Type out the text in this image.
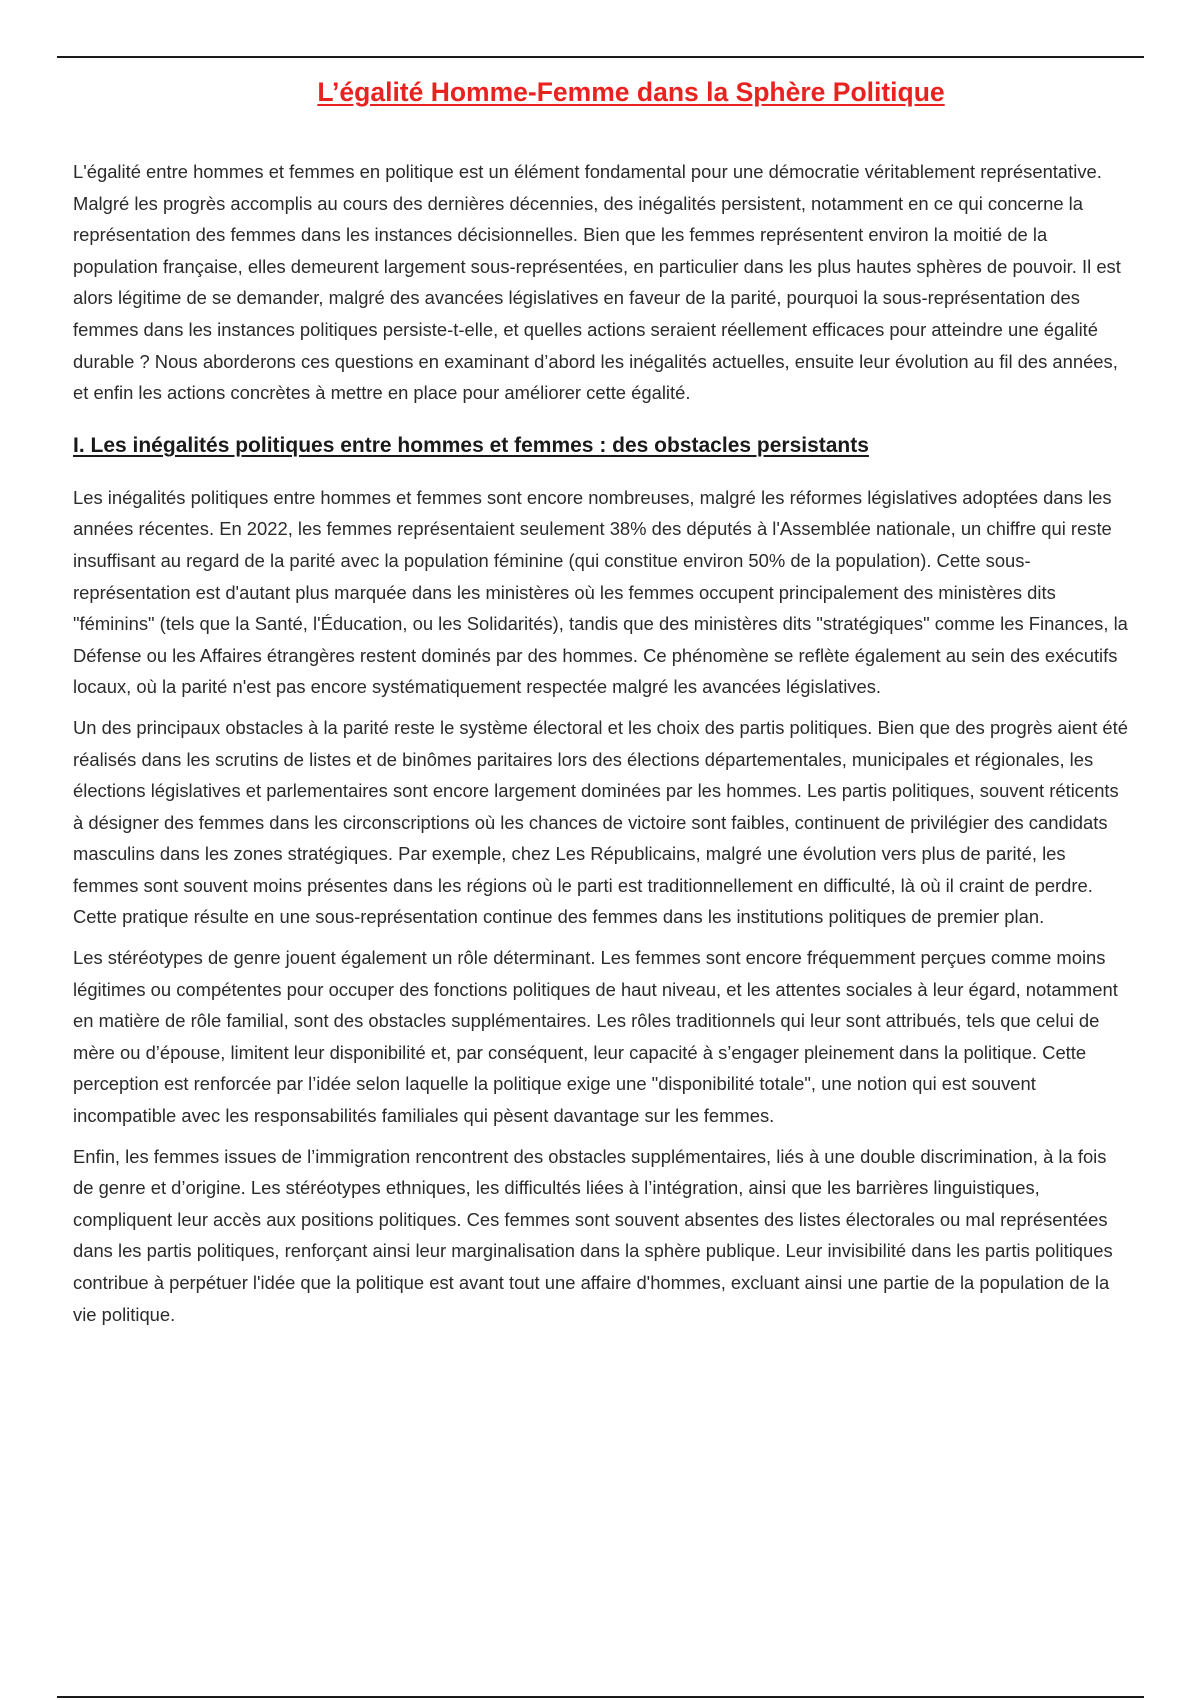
L’égalité Homme-Femme dans la Sphère Politique

L'égalité entre hommes et femmes en politique est un élément fondamental pour une démocratie véritablement représentative. Malgré les progrès accomplis au cours des dernières décennies, des inégalités persistent, notamment en ce qui concerne la représentation des femmes dans les instances décisionnelles. Bien que les femmes représentent environ la moitié de la population française, elles demeurent largement sous-représentées, en particulier dans les plus hautes sphères de pouvoir. Il est alors légitime de se demander, malgré des avancées législatives en faveur de la parité, pourquoi la sous-représentation des femmes dans les instances politiques persiste-t-elle, et quelles actions seraient réellement efficaces pour atteindre une égalité durable ? Nous aborderons ces questions en examinant d’abord les inégalités actuelles, ensuite leur évolution au fil des années, et enfin les actions concrètes à mettre en place pour améliorer cette égalité.

I. Les inégalités politiques entre hommes et femmes : des obstacles persistants

Les inégalités politiques entre hommes et femmes sont encore nombreuses, malgré les réformes législatives adoptées dans les années récentes. En 2022, les femmes représentaient seulement 38% des députés à l'Assemblée nationale, un chiffre qui reste insuffisant au regard de la parité avec la population féminine (qui constitue environ 50% de la population). Cette sous-représentation est d'autant plus marquée dans les ministères où les femmes occupent principalement des ministères dits "féminins" (tels que la Santé, l'Éducation, ou les Solidarités), tandis que des ministères dits "stratégiques" comme les Finances, la Défense ou les Affaires étrangères restent dominés par des hommes. Ce phénomène se reflète également au sein des exécutifs locaux, où la parité n'est pas encore systématiquement respectée malgré les avancées législatives.

Un des principaux obstacles à la parité reste le système électoral et les choix des partis politiques. Bien que des progrès aient été réalisés dans les scrutins de listes et de binômes paritaires lors des élections départementales, municipales et régionales, les élections législatives et parlementaires sont encore largement dominées par les hommes. Les partis politiques, souvent réticents à désigner des femmes dans les circonscriptions où les chances de victoire sont faibles, continuent de privilégier des candidats masculins dans les zones stratégiques. Par exemple, chez Les Républicains, malgré une évolution vers plus de parité, les femmes sont souvent moins présentes dans les régions où le parti est traditionnellement en difficulté, là où il craint de perdre. Cette pratique résulte en une sous-représentation continue des femmes dans les institutions politiques de premier plan.

Les stéréotypes de genre jouent également un rôle déterminant. Les femmes sont encore fréquemment perçues comme moins légitimes ou compétentes pour occuper des fonctions politiques de haut niveau, et les attentes sociales à leur égard, notamment en matière de rôle familial, sont des obstacles supplémentaires. Les rôles traditionnels qui leur sont attribués, tels que celui de mère ou d’épouse, limitent leur disponibilité et, par conséquent, leur capacité à s’engager pleinement dans la politique. Cette perception est renforcée par l’idée selon laquelle la politique exige une "disponibilité totale", une notion qui est souvent incompatible avec les responsabilités familiales qui pèsent davantage sur les femmes.

Enfin, les femmes issues de l’immigration rencontrent des obstacles supplémentaires, liés à une double discrimination, à la fois de genre et d’origine. Les stéréotypes ethniques, les difficultés liées à l’intégration, ainsi que les barrières linguistiques, compliquent leur accès aux positions politiques. Ces femmes sont souvent absentes des listes électorales ou mal représentées dans les partis politiques, renforçant ainsi leur marginalisation dans la sphère publique. Leur invisibilité dans les partis politiques contribue à perpétuer l'idée que la politique est avant tout une affaire d'hommes, excluant ainsi une partie de la population de la vie politique.
